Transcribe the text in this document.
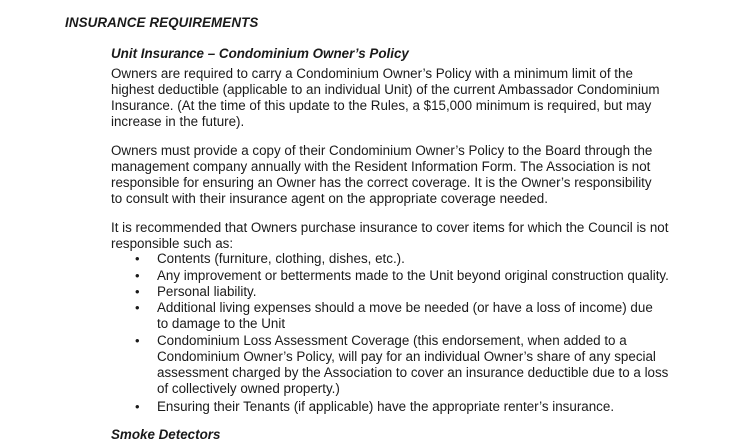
INSURANCE REQUIREMENTS
Unit Insurance – Condominium Owner’s Policy
Owners are required to carry a Condominium Owner’s Policy with a minimum limit of the
highest deductible (applicable to an individual Unit) of the current Ambassador Condominium
Insurance. (At the time of this update to the Rules, a $15,000 minimum is required, but may
increase in the future).
Owners must provide a copy of their Condominium Owner’s Policy to the Board through the
management company annually with the Resident Information Form. The Association is not
responsible for ensuring an Owner has the correct coverage. It is the Owner’s responsibility
to consult with their insurance agent on the appropriate coverage needed.
It is recommended that Owners purchase insurance to cover items for which the Council is not
responsible such as:
• Contents (furniture, clothing, dishes, etc.).
• Any improvement or betterments made to the Unit beyond original construction quality.
• Personal liability.
• Additional living expenses should a move be needed (or have a loss of income) due
to damage to the Unit
• Condominium Loss Assessment Coverage (this endorsement, when added to a
Condominium Owner’s Policy, will pay for an individual Owner’s share of any special
assessment charged by the Association to cover an insurance deductible due to a loss
of collectively owned property.)
• Ensuring their Tenants (if applicable) have the appropriate renter’s insurance.
Smoke Detectors
